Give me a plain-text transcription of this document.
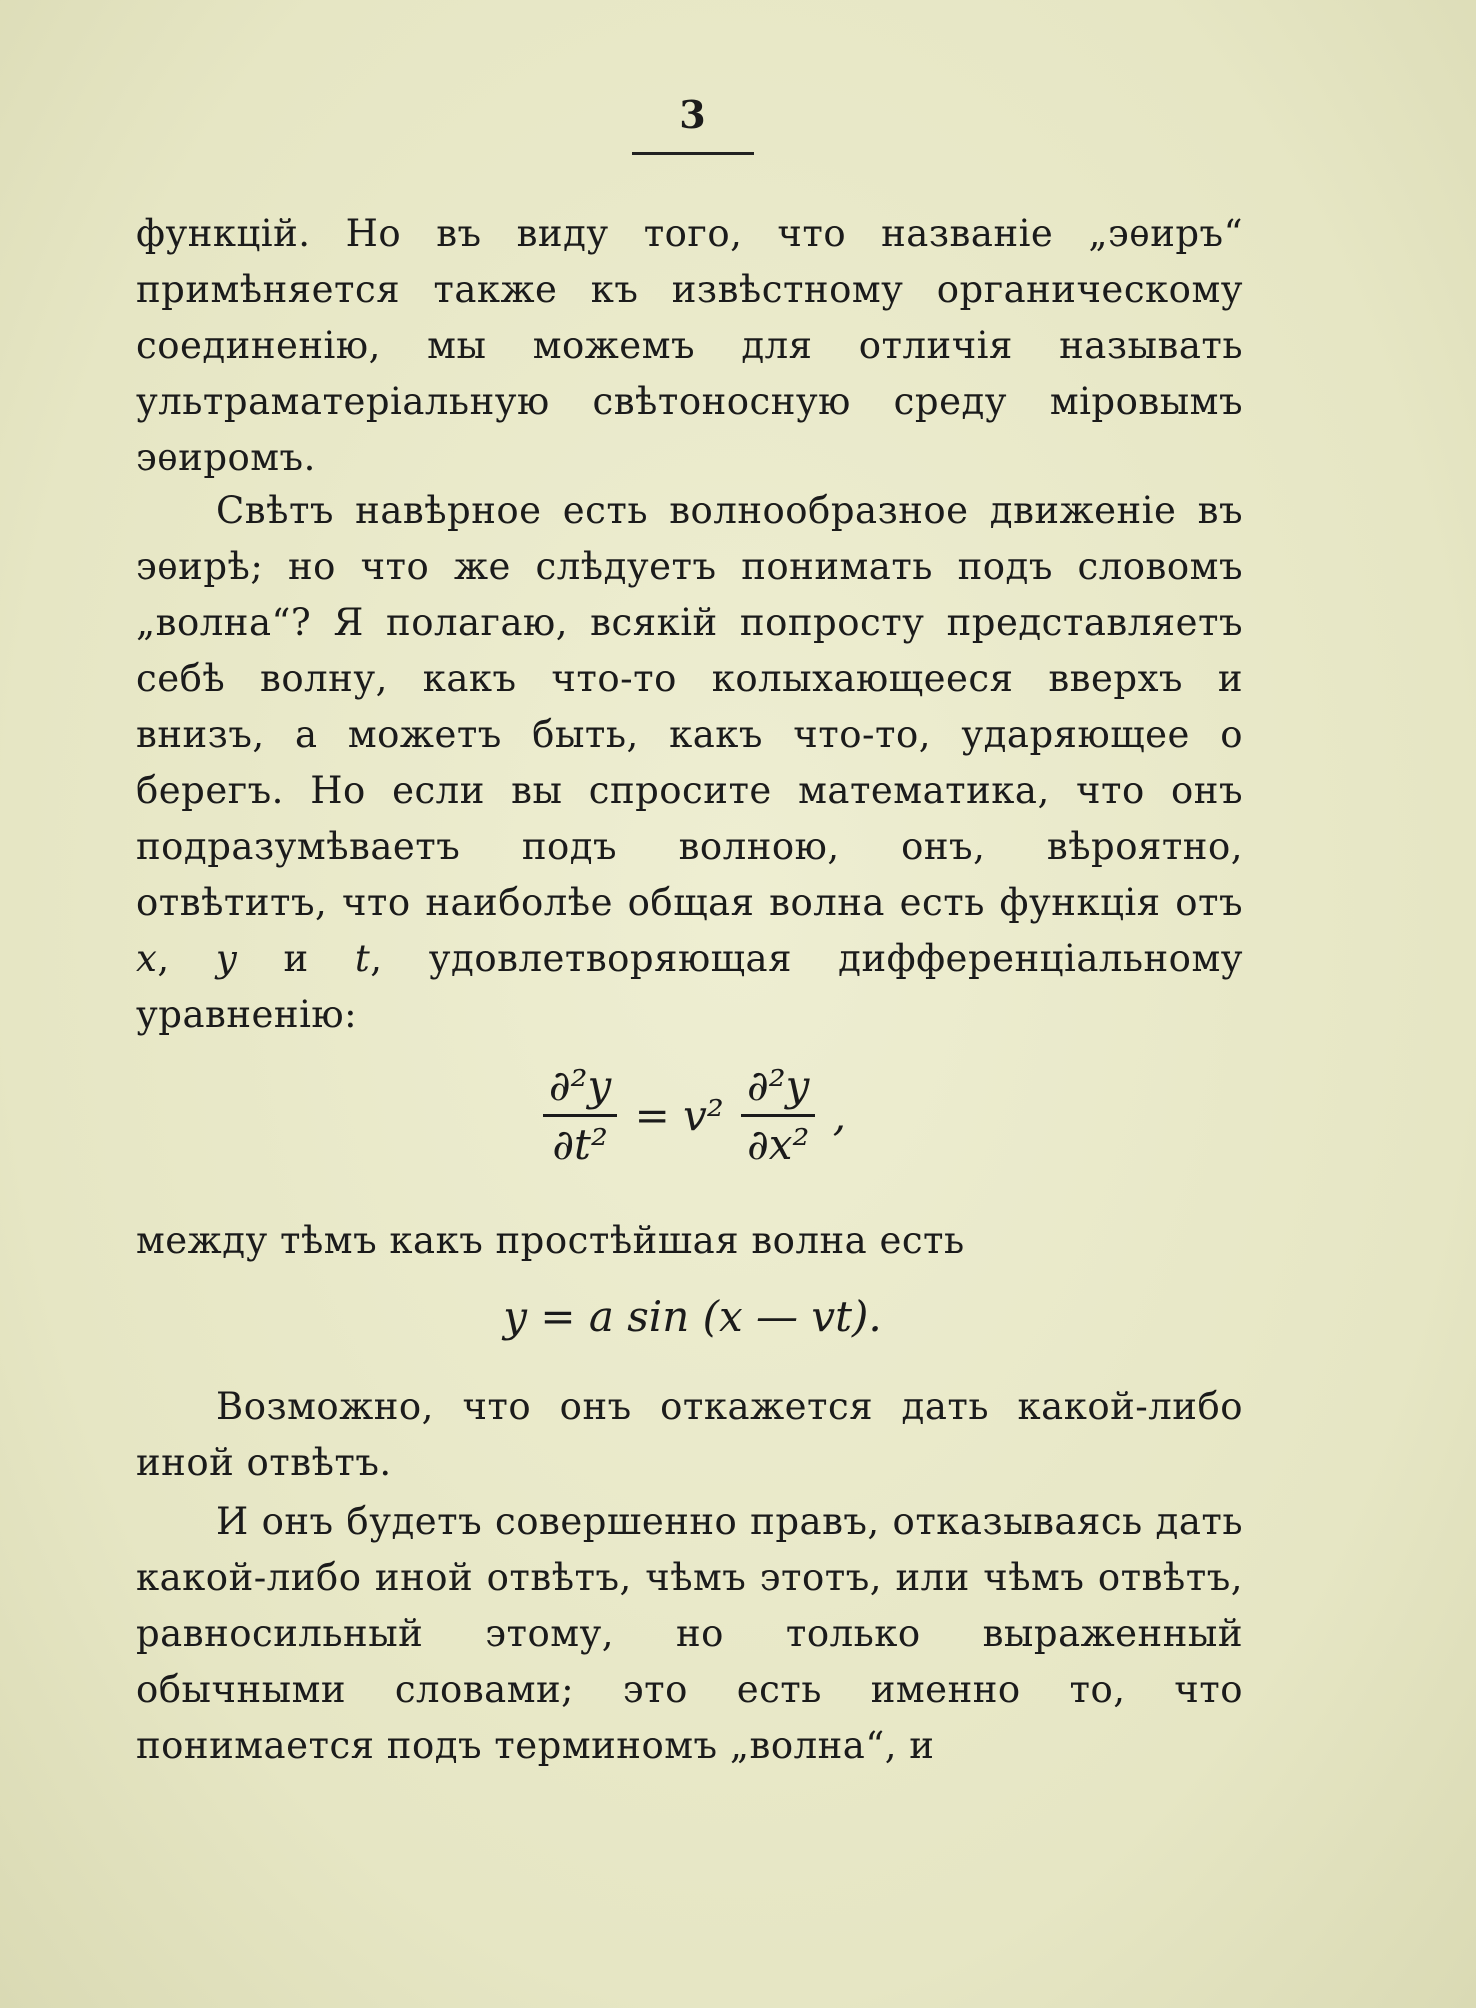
3

функцій. Но въ виду того, что названіе „эѳиръ“ примѣняется также къ извѣстному органическому соединенію, мы можемъ для отличія называть ультраматеріальную свѣтоносную среду міровымъ эѳиромъ.

Свѣтъ навѣрное есть волнообразное движеніе въ эѳирѣ; но что же слѣдуетъ понимать подъ словомъ „волна“? Я полагаю, всякій попросту представляетъ себѣ волну, какъ что-то колыхающееся вверхъ и внизъ, а можетъ быть, какъ что-то, ударяющее о берегъ. Но если вы спросите математика, что онъ подразумѣваетъ подъ волною, онъ, вѣроятно, отвѣтитъ, что наиболѣе общая волна есть функція отъ x, y и t, удовлетворяющая дифференціальному уравненію:

$\frac{\text{∂²y}}{\text{∂t²}} = v^2 \frac{\text{∂²y}}{\text{∂x²}}$ ,

между тѣмъ какъ простѣйшая волна есть

y = a sin (x — vt).

Возможно, что онъ откажется дать какой-либо иной отвѣтъ.

И онъ будетъ совершенно правъ, отказываясь дать какой-либо иной отвѣтъ, чѣмъ этотъ, или чѣмъ отвѣтъ, равносильный этому, но только выраженный обычными словами; это есть именно то, что понимается подъ терминомъ „волна“, и
